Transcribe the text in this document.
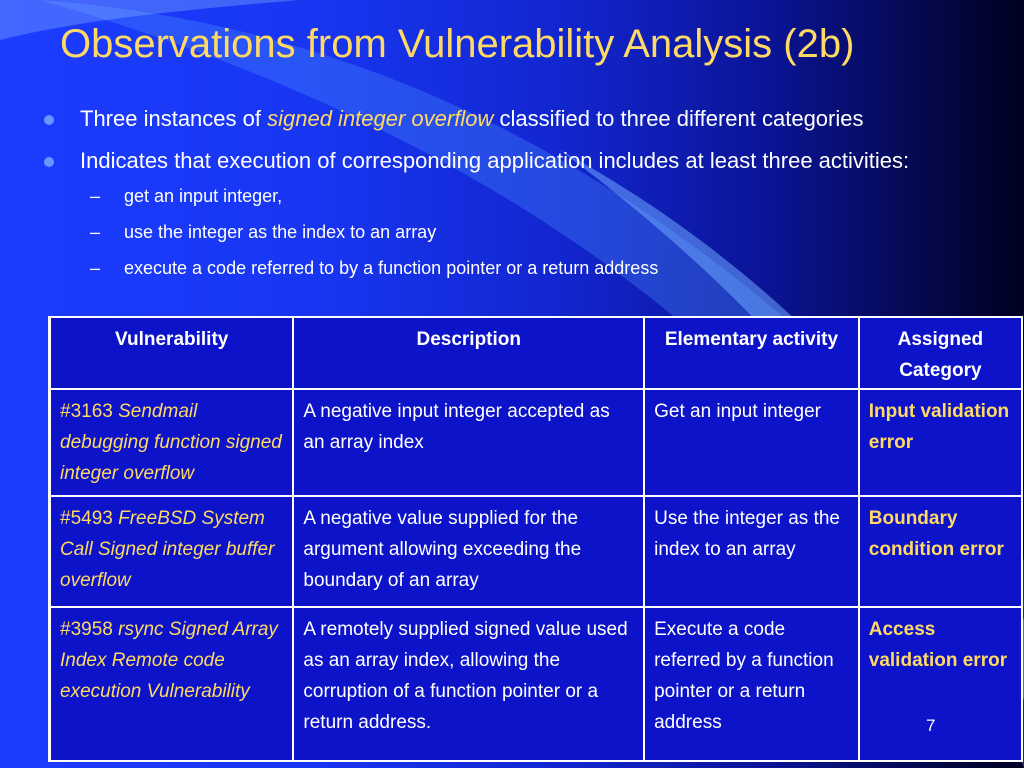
Observations from Vulnerability Analysis (2b)
Three instances of signed integer overflow classified to three different categories
Indicates that execution of corresponding application includes at least three activities:
– get an input integer,
– use the integer as the index to an array
– execute a code referred to by a function pointer or a return address
Vulnerability	Description	Elementary activity	Assigned Category
#3163 Sendmail debugging function signed integer overflow	A negative input integer accepted as an array index	Get an input integer	Input validation error
#5493 FreeBSD System Call Signed integer buffer overflow	A negative value supplied for the argument allowing exceeding the boundary of an array	Use the integer as the index to an array	Boundary condition error
#3958 rsync Signed Array Index Remote code execution Vulnerability	A remotely supplied signed value used as an array index, allowing the corruption of a function pointer or a return address.	Execute a code referred by a function pointer or a return address	Access validation error
7
